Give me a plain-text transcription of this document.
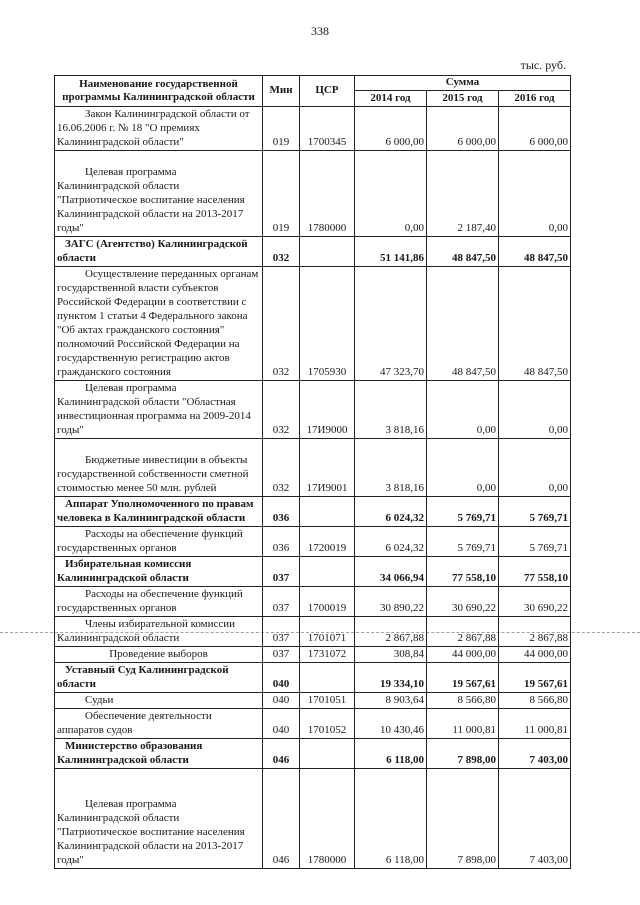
338
тыс. руб.
Наименование государственной программы Калининградской области	Мин	ЦСР	Сумма		
			2014 год	2015 год	2016 год

Закон Калининградской области от 16.06.2006 г. № 18 "О премиях Калининградской области"	019	1700345	6 000,00	6 000,00	6 000,00

Целевая программа Калининградской области "Патриотическое воспитание населения Калининградской области на 2013-2017 годы"	019	1780000	0,00	2 187,40	0,00

ЗАГС (Агентство) Калининградской области	032		51 141,86	48 847,50	48 847,50

Осуществление переданных органам государственной власти субъектов Российской Федерации в соответствии с пунктом 1 статьи 4 Федерального закона "Об актах гражданского состояния" полномочий Российской Федерации на государственную регистрацию актов гражданского состояния	032	1705930	47 323,70	48 847,50	48 847,50

Целевая программа Калининградской области "Областная инвестиционная программа на 2009-2014 годы"	032	17И9000	3 818,16	0,00	0,00

Бюджетные инвестиции в объекты государственной собственности сметной стоимостью менее 50 млн. рублей	032	17И9001	3 818,16	0,00	0,00

Аппарат Уполномоченного по правам человека в Калининградской области	036		6 024,32	5 769,71	5 769,71

Расходы на обеспечение функций государственных органов	036	1720019	6 024,32	5 769,71	5 769,71

Избирательная комиссия Калининградской области	037		34 066,94	77 558,10	77 558,10

Расходы на обеспечение функций государственных органов	037	1700019	30 890,22	30 690,22	30 690,22

Члены избирательной комиссии Калининградской области	037	1701071	2 867,88	2 867,88	2 867,88

Проведение выборов	037	1731072	308,84	44 000,00	44 000,00

Уставный Суд Калининградской области	040		19 334,10	19 567,61	19 567,61

Судьи	040	1701051	8 903,64	8 566,80	8 566,80

Обеспечение деятельности аппаратов судов	040	1701052	10 430,46	11 000,81	11 000,81

Министерство образования Калининградской области	046		6 118,00	7 898,00	7 403,00

Целевая программа Калининградской области "Патриотическое воспитание населения Калининградской области на 2013-2017 годы"	046	1780000	6 118,00	7 898,00	7 403,00
